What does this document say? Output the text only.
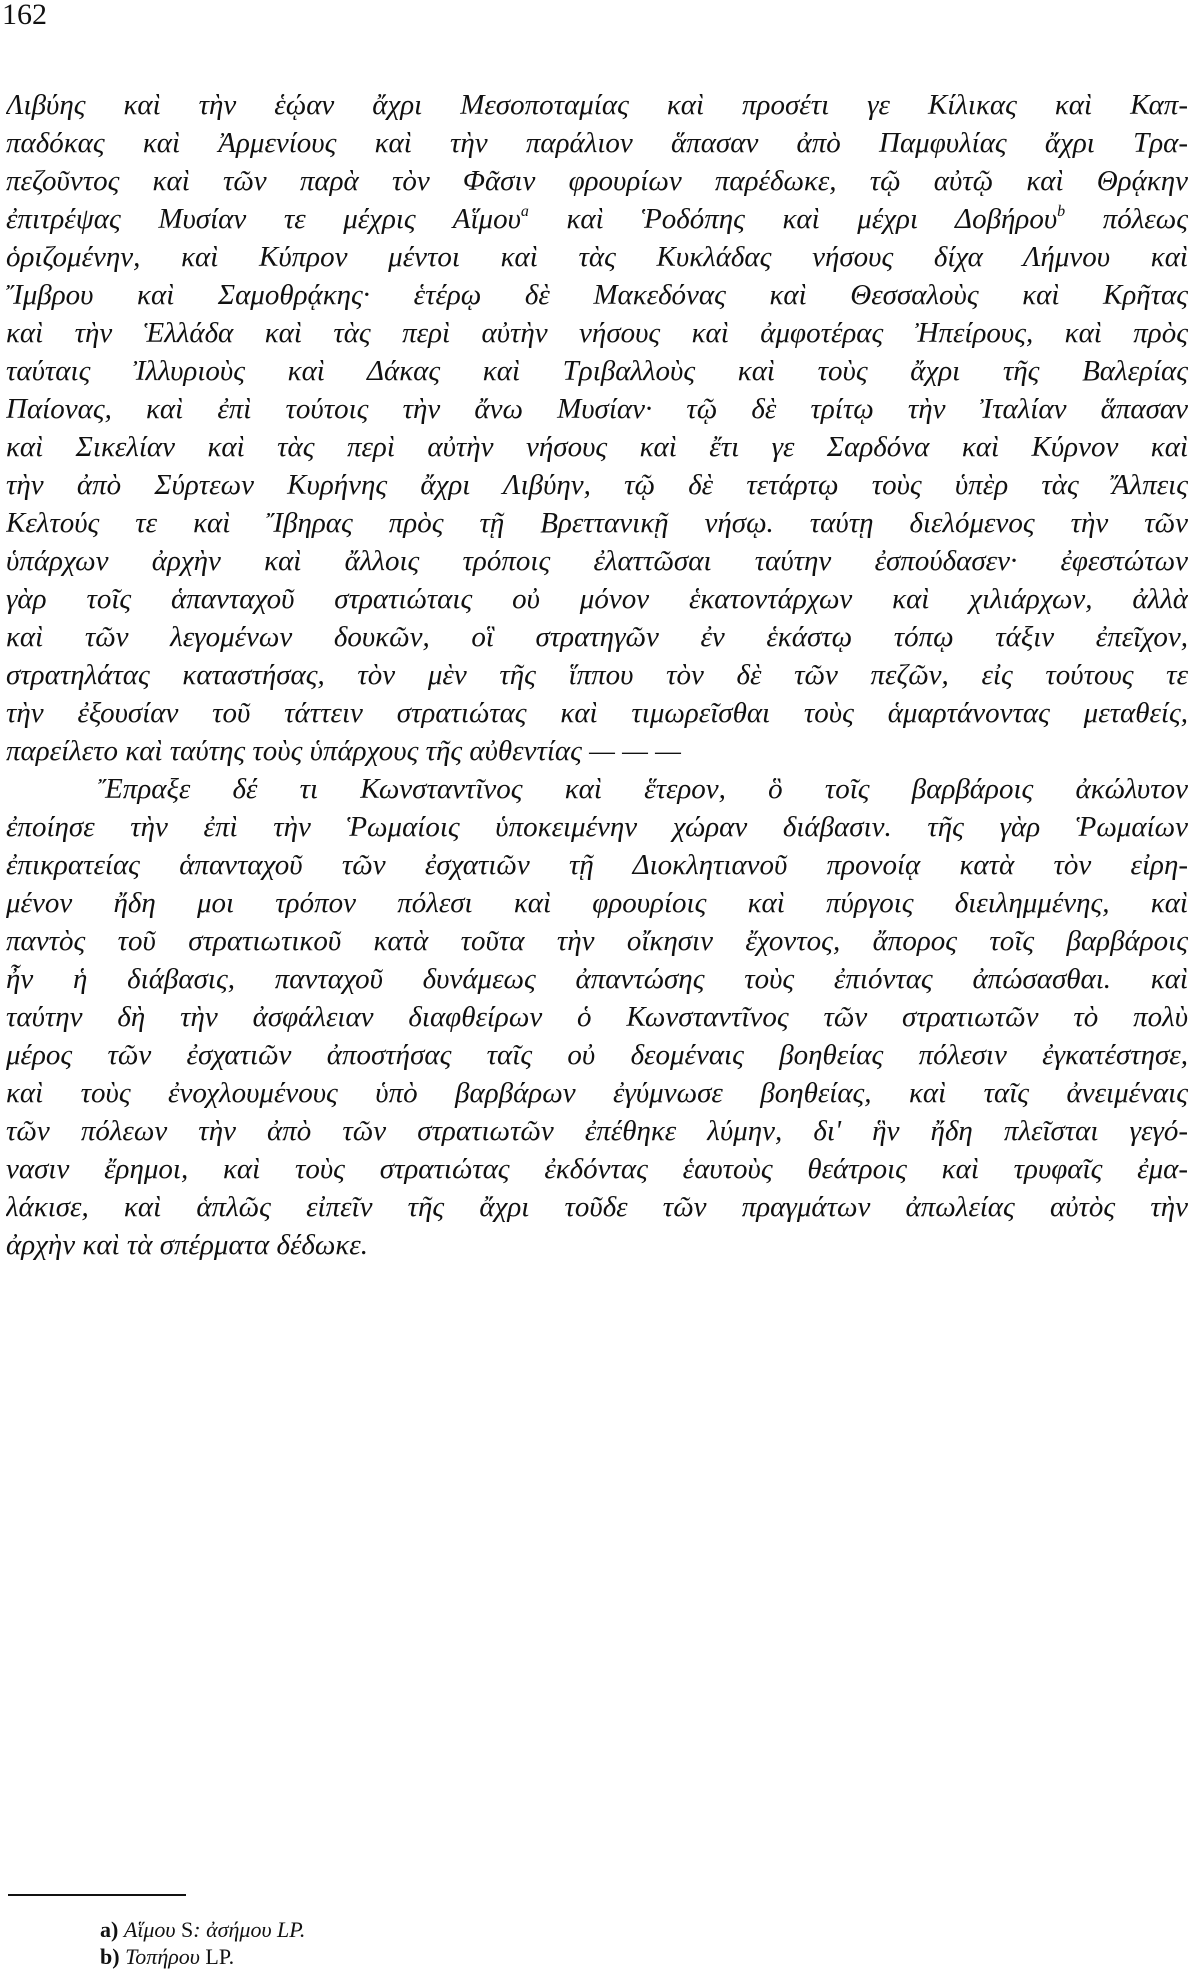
162
Λιβύης καὶ τὴν ἑῴαν ἄχρι Μεσοποταμίας καὶ προσέτι γε Κίλικας καὶ Καπ-
παδόκας καὶ Ἀρμενίους καὶ τὴν παράλιον ἅπασαν ἀπὸ Παμφυλίας ἄχρι Τρα-
πεζοῦντος καὶ τῶν παρὰ τὸν Φᾶσιν φρουρίων παρέδωκε, τῷ αὐτῷ καὶ Θρᾴκην
ἐπιτρέψας Μυσίαν τε μέχρις Αἵμου$^a$ καὶ Ῥοδόπης καὶ μέχρι Δοβήρου$^b$ πόλεως
ὁριζομένην, καὶ Κύπρον μέντοι καὶ τὰς Κυκλάδας νήσους δίχα Λήμνου καὶ
Ἴμβρου καὶ Σαμοθρᾴκης· ἑτέρῳ δὲ Μακεδόνας καὶ Θεσσαλοὺς καὶ Κρῆτας
καὶ τὴν Ἑλλάδα καὶ τὰς περὶ αὐτὴν νήσους καὶ ἀμφοτέρας Ἠπείρους, καὶ πρὸς
ταύταις Ἰλλυριοὺς καὶ Δάκας καὶ Τριβαλλοὺς καὶ τοὺς ἄχρι τῆς Βαλερίας
Παίονας, καὶ ἐπὶ τούτοις τὴν ἄνω Μυσίαν· τῷ δὲ τρίτῳ τὴν Ἰταλίαν ἅπασαν
καὶ Σικελίαν καὶ τὰς περὶ αὐτὴν νήσους καὶ ἔτι γε Σαρδόνα καὶ Κύρνον καὶ
τὴν ἀπὸ Σύρτεων Κυρήνης ἄχρι Λιβύην, τῷ δὲ τετάρτῳ τοὺς ὑπὲρ τὰς Ἄλπεις
Κελτούς τε καὶ Ἴβηρας πρὸς τῇ Βρεττανικῇ νήσῳ. ταύτῃ διελόμενος τὴν τῶν
ὑπάρχων ἀρχὴν καὶ ἄλλοις τρόποις ἐλαττῶσαι ταύτην ἐσπούδασεν· ἐφεστώτων
γὰρ τοῖς ἁπανταχοῦ στρατιώταις οὐ μόνον ἑκατοντάρχων καὶ χιλιάρχων, ἀλλὰ
καὶ τῶν λεγομένων δουκῶν, οἳ στρατηγῶν ἐν ἑκάστῳ τόπῳ τάξιν ἐπεῖχον,
στρατηλάτας καταστήσας, τὸν μὲν τῆς ἵππου τὸν δὲ τῶν πεζῶν, εἰς τούτους τε
τὴν ἐξουσίαν τοῦ τάττειν στρατιώτας καὶ τιμωρεῖσθαι τοὺς ἁμαρτάνοντας μεταθείς,
παρείλετο καὶ ταύτης τοὺς ὑπάρχους τῆς αὐθεντίας — — —
Ἔπραξε δέ τι Κωνσταντῖνος καὶ ἕτερον, ὃ τοῖς βαρβάροις ἀκώλυτον
ἐποίησε τὴν ἐπὶ τὴν Ῥωμαίοις ὑποκειμένην χώραν διάβασιν. τῆς γὰρ Ῥωμαίων
ἐπικρατείας ἁπανταχοῦ τῶν ἐσχατιῶν τῇ Διοκλητιανοῦ προνοίᾳ κατὰ τὸν εἰρη-
μένον ἤδη μοι τρόπον πόλεσι καὶ φρουρίοις καὶ πύργοις διειλημμένης, καὶ
παντὸς τοῦ στρατιωτικοῦ κατὰ τοῦτα τὴν οἴκησιν ἔχοντος, ἄπορος τοῖς βαρβάροις
ἦν ἡ διάβασις, πανταχοῦ δυνάμεως ἀπαντώσης τοὺς ἐπιόντας ἀπώσασθαι. καὶ
ταύτην δὴ τὴν ἀσφάλειαν διαφθείρων ὁ Κωνσταντῖνος τῶν στρατιωτῶν τὸ πολὺ
μέρος τῶν ἐσχατιῶν ἀποστήσας ταῖς οὐ δεομέναις βοηθείας πόλεσιν ἐγκατέστησε,
καὶ τοὺς ἐνοχλουμένους ὑπὸ βαρβάρων ἐγύμνωσε βοηθείας, καὶ ταῖς ἀνειμέναις
τῶν πόλεων τὴν ἀπὸ τῶν στρατιωτῶν ἐπέθηκε λύμην, δι' ἣν ἤδη πλεῖσται γεγό-
νασιν ἔρημοι, καὶ τοὺς στρατιώτας ἐκδόντας ἑαυτοὺς θεάτροις καὶ τρυφαῖς ἐμα-
λάκισε, καὶ ἁπλῶς εἰπεῖν τῆς ἄχρι τοῦδε τῶν πραγμάτων ἀπωλείας αὐτὸς τὴν
ἀρχὴν καὶ τὰ σπέρματα δέδωκε.
a) Αἵμου S: ἀσήμου LP.
b) Τοπήρου LP.
